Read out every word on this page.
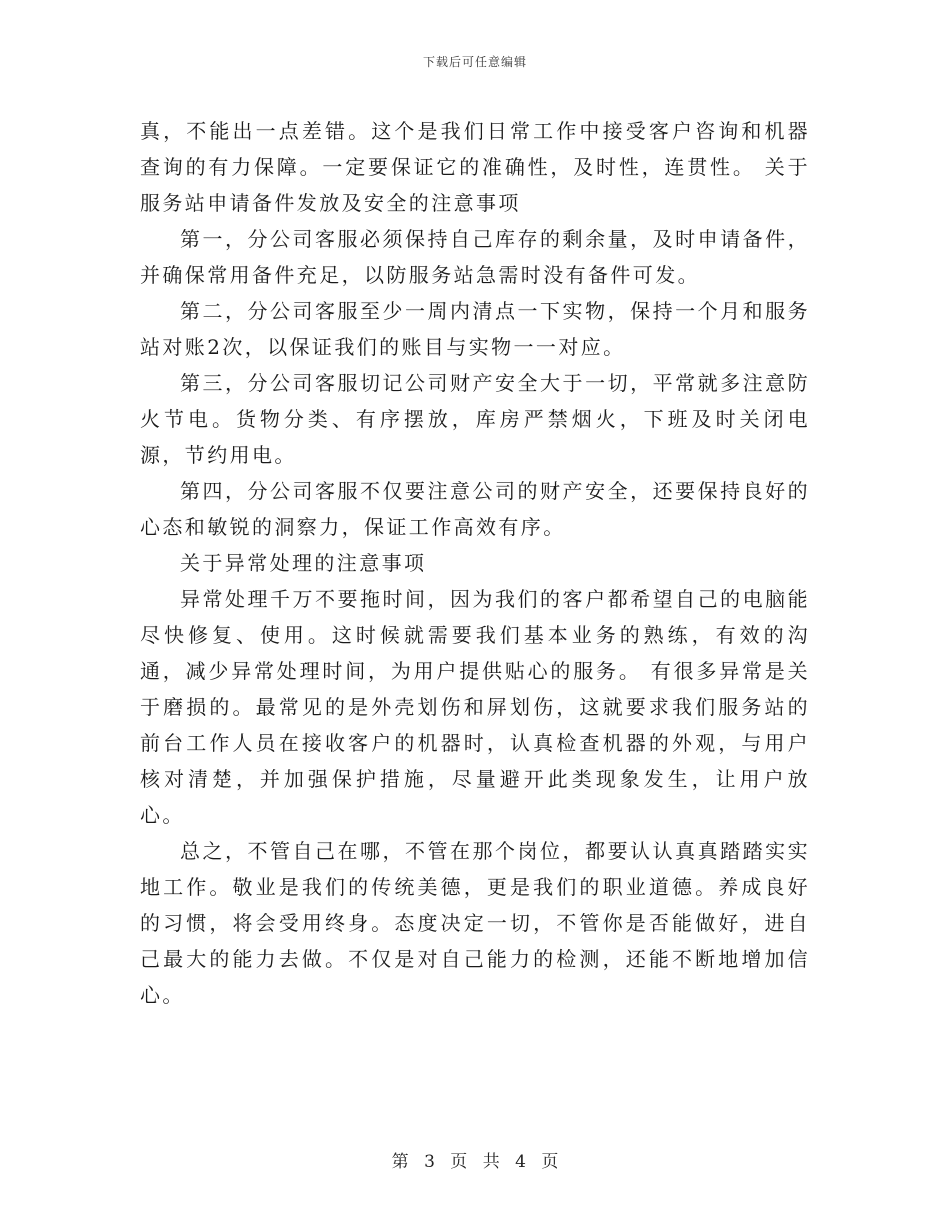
下载后可任意编辑

真，不能出一点差错。这个是我们日常工作中接受客户咨询和机器查询的有力保障。一定要保证它的准确性，及时性，连贯性。 关于服务站申请备件发放及安全的注意事项

第一，分公司客服必须保持自己库存的剩余量，及时申请备件，并确保常用备件充足，以防服务站急需时没有备件可发。

第二，分公司客服至少一周内清点一下实物，保持一个月和服务站对账2次，以保证我们的账目与实物一一对应。

第三，分公司客服切记公司财产安全大于一切，平常就多注意防火节电。货物分类、有序摆放，库房严禁烟火，下班及时关闭电源，节约用电。

第四，分公司客服不仅要注意公司的财产安全，还要保持良好的心态和敏锐的洞察力，保证工作高效有序。

关于异常处理的注意事项

异常处理千万不要拖时间，因为我们的客户都希望自己的电脑能尽快修复、使用。这时候就需要我们基本业务的熟练，有效的沟通，减少异常处理时间，为用户提供贴心的服务。 有很多异常是关于磨损的。最常见的是外壳划伤和屏划伤，这就要求我们服务站的前台工作人员在接收客户的机器时，认真检查机器的外观，与用户核对清楚，并加强保护措施，尽量避开此类现象发生，让用户放心。

总之，不管自己在哪，不管在那个岗位，都要认认真真踏踏实实地工作。敬业是我们的传统美德，更是我们的职业道德。养成良好的习惯，将会受用终身。态度决定一切，不管你是否能做好，进自己最大的能力去做。不仅是对自己能力的检测，还能不断地增加信心。

第 3 页 共 4 页
